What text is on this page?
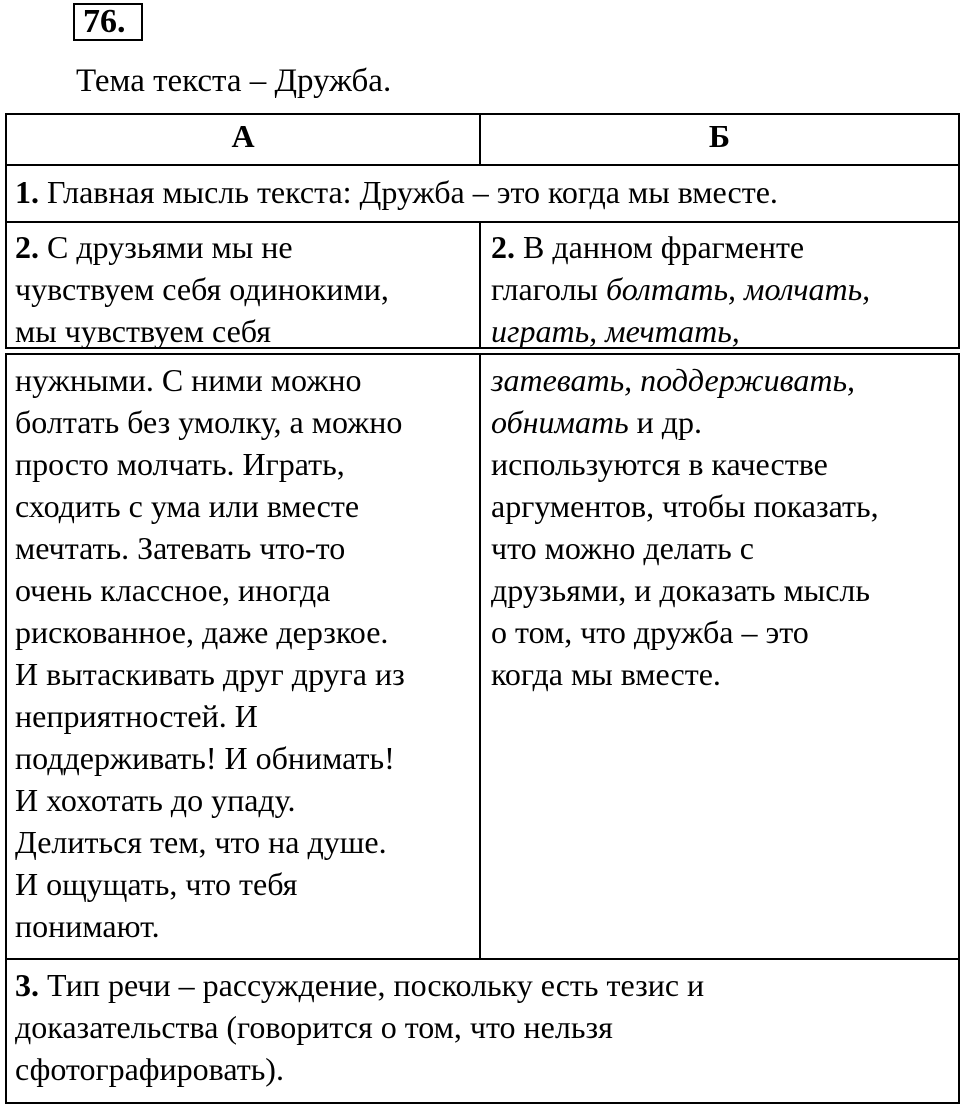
76.
Тема текста – Дружба.
А	Б
1. Главная мысль текста: Дружба – это когда мы вместе.
2. С друзьями мы не
чувствуем себя одинокими,
мы чувствуем себя
2. В данном фрагменте
глаголы болтать, молчать,
играть, мечтать,
нужными. С ними можно
болтать без умолку, а можно
просто молчать. Играть,
сходить с ума или вместе
мечтать. Затевать что-то
очень классное, иногда
рискованное, даже дерзкое.
И вытаскивать друг друга из
неприятностей. И
поддерживать! И обнимать!
И хохотать до упаду.
Делиться тем, что на душе.
И ощущать, что тебя
понимают.
затевать, поддерживать,
обнимать и др.
используются в качестве
аргументов, чтобы показать,
что можно делать с
друзьями, и доказать мысль
о том, что дружба – это
когда мы вместе.
3. Тип речи – рассуждение, поскольку есть тезис и
доказательства (говорится о том, что нельзя
сфотографировать).
